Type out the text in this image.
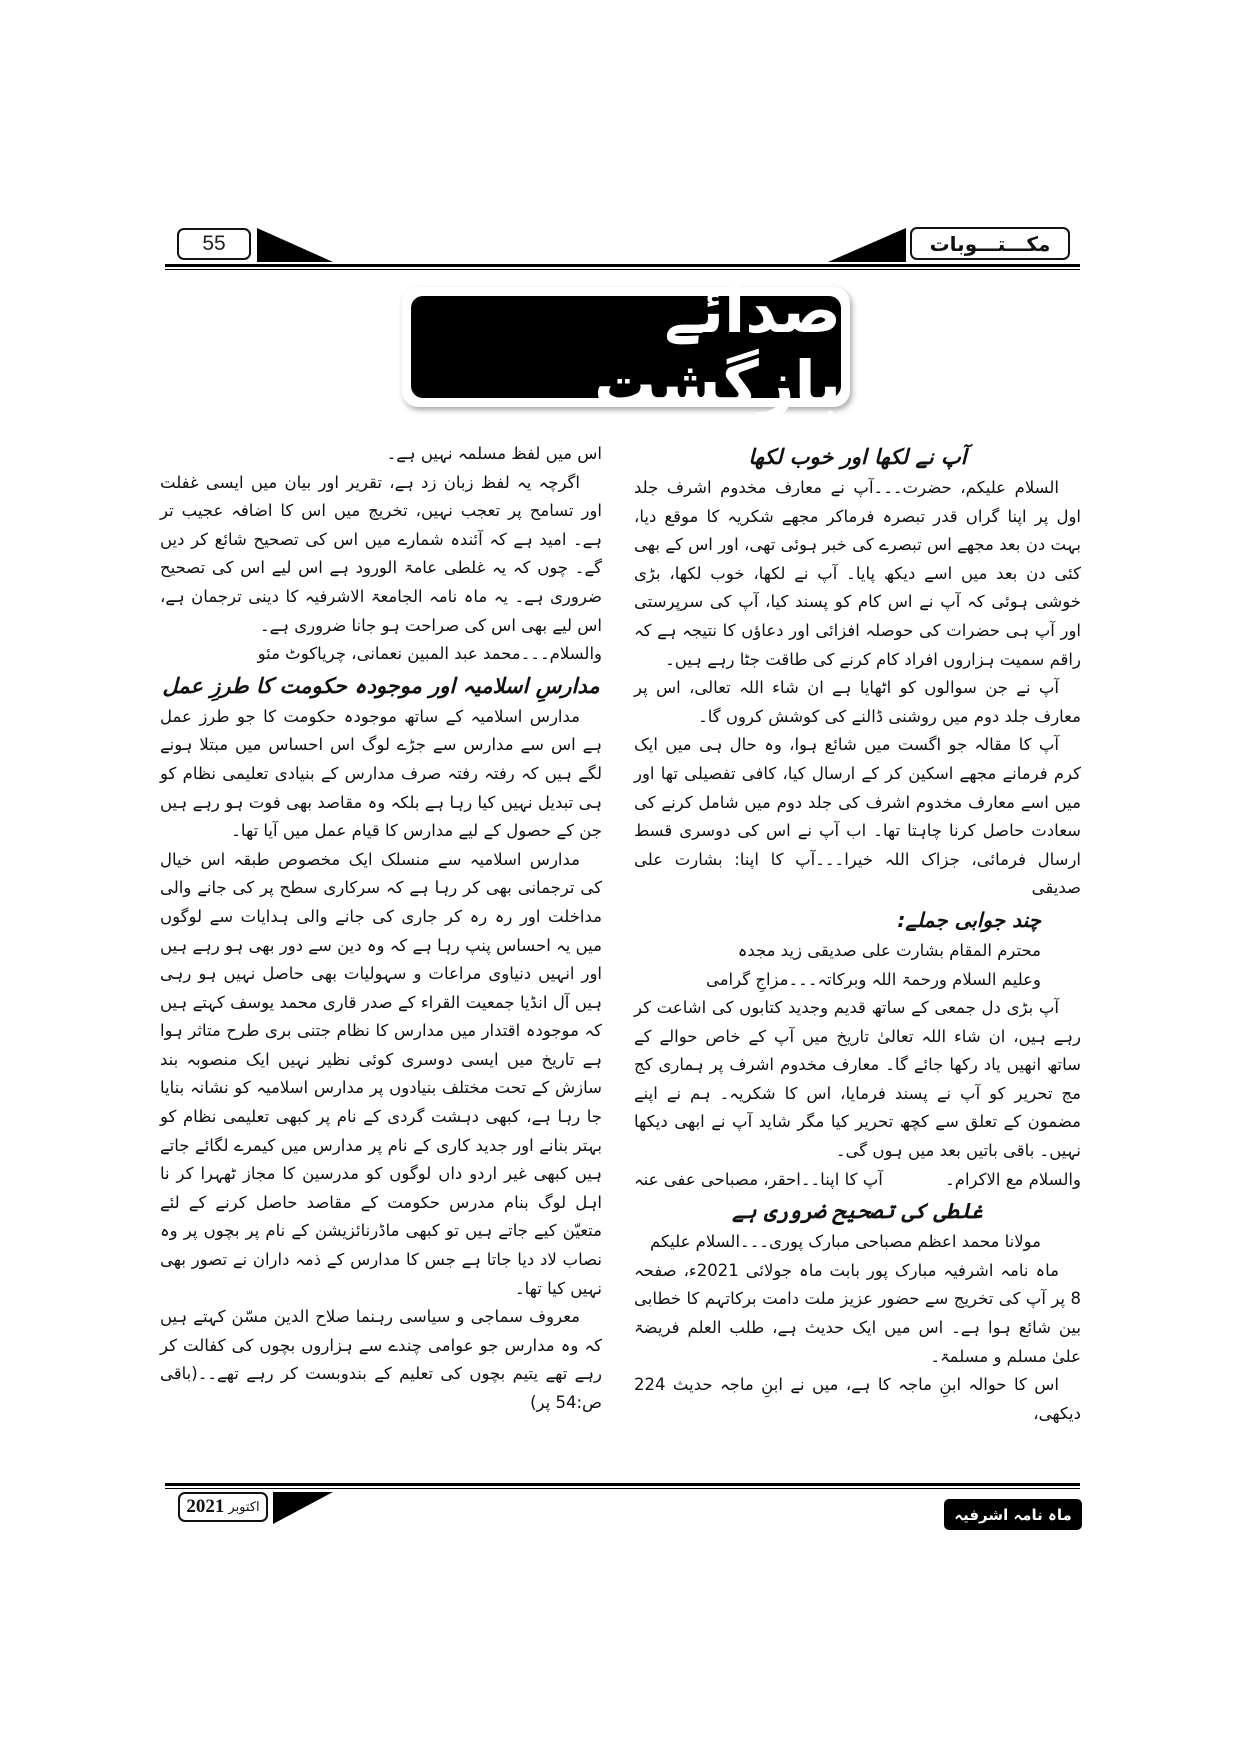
55	مکـــتـــوبات
صدائے بازگشت
آپ نے لکھا اور خوب لکھا

السلام علیکم، حضرت۔۔۔آپ نے معارف مخدوم اشرف جلد اول پر اپنا گراں قدر تبصرہ فرماکر مجھے شکریہ کا موقع دیا، بہت دن بعد مجھے اس تبصرے کی خبر ہوئی تھی، اور اس کے بھی کئی دن بعد میں اسے دیکھ پایا۔ آپ نے لکھا، خوب لکھا، بڑی خوشی ہوئی کہ آپ نے اس کام کو پسند کیا، آپ کی سرپرستی اور آپ ہی حضرات کی حوصلہ افزائی اور دعاؤں کا نتیجہ ہے کہ راقم سمیت ہزاروں افراد کام کرنے کی طاقت جٹا رہے ہیں۔

آپ نے جن سوالوں کو اٹھایا ہے ان شاء اللہ تعالی، اس پر معارف جلد دوم میں روشنی ڈالنے کی کوشش کروں گا۔

آپ کا مقالہ جو اگست میں شائع ہوا، وہ حال ہی میں ایک کرم فرمانے مجھے اسکین کر کے ارسال کیا، کافی تفصیلی تھا اور میں اسے معارف مخدوم اشرف کی جلد دوم میں شامل کرنے کی سعادت حاصل کرنا چاہتا تھا۔ اب آپ نے اس کی دوسری قسط ارسال فرمائی، جزاک اللہ خیرا۔۔۔آپ کا اپنا: بشارت علی صدیقی

چند جوابی جملے:

محترم المقام بشارت علی صدیقی زید مجدہ

وعلیم السلام ورحمۃ اللہ وبرکاتہ۔۔۔مزاجِ گرامی

آپ بڑی دل جمعی کے ساتھ قدیم وجدید کتابوں کی اشاعت کر رہے ہیں، ان شاء اللہ تعالیٰ تاریخ میں آپ کے خاص حوالے کے ساتھ انھیں یاد رکھا جائے گا۔ معارف مخدوم اشرف پر ہماری کج مج تحریر کو آپ نے پسند فرمایا، اس کا شکریہ۔ ہم نے اپنے مضمون کے تعلق سے کچھ تحریر کیا مگر شاید آپ نے ابھی دیکھا نہیں۔ باقی باتیں بعد میں ہوں گی۔

والسلام مع الاکرام۔
آپ کا اپنا۔۔احقر، مصباحی عفی عنہ
غلطی کی تصحیح ضروری ہے

مولانا محمد اعظم مصباحی مبارک پوری۔۔۔السلام علیکم

ماہ نامہ اشرفیہ مبارک پور بابت ماہ جولائی 2021ء، صفحہ 8 پر آپ کی تخریج سے حضور عزیز ملت دامت برکاتہم کا خطابی بین شائع ہوا ہے۔ اس میں ایک حدیث ہے، طلب العلم فریضۃ علیٰ مسلم و مسلمۃ۔

اس کا حوالہ ابنِ ماجہ کا ہے، میں نے ابنِ ماجہ حدیث 224 دیکھی،

اس میں لفظ مسلمہ نہیں ہے۔

اگرچہ یہ لفظ زبان زد ہے، تقریر اور بیان میں ایسی غفلت اور تسامح پر تعجب نہیں، تخریج میں اس کا اضافہ عجیب تر ہے۔ امید ہے کہ آئندہ شمارے میں اس کی تصحیح شائع کر دیں گے۔ چوں کہ یہ غلطی عامۃ الورود ہے اس لیے اس کی تصحیح ضروری ہے۔ یہ ماہ نامہ الجامعۃ الاشرفیہ کا دینی ترجمان ہے، اس لیے بھی اس کی صراحت ہو جانا ضروری ہے۔

والسلام۔۔۔محمد عبد المبین نعمانی، چریاکوٹ مئو

مدارسِ اسلامیہ اور موجودہ حکومت کا طرزِ عمل

مدارس اسلامیہ کے ساتھ موجودہ حکومت کا جو طرز عمل ہے اس سے مدارس سے جڑے لوگ اس احساس میں مبتلا ہونے لگے ہیں کہ رفتہ رفتہ صرف مدارس کے بنیادی تعلیمی نظام کو ہی تبدیل نہیں کیا رہا ہے بلکہ وہ مقاصد بھی فوت ہو رہے ہیں جن کے حصول کے لیے مدارس کا قیام عمل میں آیا تھا۔

مدارس اسلامیہ سے منسلک ایک مخصوص طبقہ اس خیال کی ترجمانی بھی کر رہا ہے کہ سرکاری سطح پر کی جانے والی مداخلت اور رہ رہ کر جاری کی جانے والی ہدایات سے لوگوں میں یہ احساس پنپ رہا ہے کہ وہ دین سے دور بھی ہو رہے ہیں اور انہیں دنیاوی مراعات و سہولیات بھی حاصل نہیں ہو رہی ہیں آل انڈیا جمعیت القراء کے صدر قاری محمد یوسف کہتے ہیں کہ موجودہ اقتدار میں مدارس کا نظام جتنی بری طرح متاثر ہوا ہے تاریخ میں ایسی دوسری کوئی نظیر نہیں ایک منصوبہ بند سازش کے تحت مختلف بنیادوں پر مدارس اسلامیہ کو نشانہ بنایا جا رہا ہے، کبھی دہشت گردی کے نام پر کبھی تعلیمی نظام کو بہتر بنانے اور جدید کاری کے نام پر مدارس میں کیمرے لگائے جاتے ہیں کبھی غیر اردو داں لوگوں کو مدرسین کا مجاز ٹھہرا کر نا اہل لوگ بنام مدرس حکومت کے مقاصد حاصل کرنے کے لئے متعیّن کیے جاتے ہیں تو کبھی ماڈرنائزیشن کے نام پر بچوں پر وہ نصاب لاد دیا جاتا ہے جس کا مدارس کے ذمہ داران نے تصور بھی نہیں کیا تھا۔

معروف سماجی و سیاسی رہنما صلاح الدین مسّن کہتے ہیں کہ وہ مدارس جو عوامی چندے سے ہزاروں بچوں کی کفالت کر رہے تھے یتیم بچوں کی تعلیم کے بندوبست کر رہے تھے۔۔(باقی ص:54 پر)

اکتوبر
2021	ماہ نامہ اشرفیہ
